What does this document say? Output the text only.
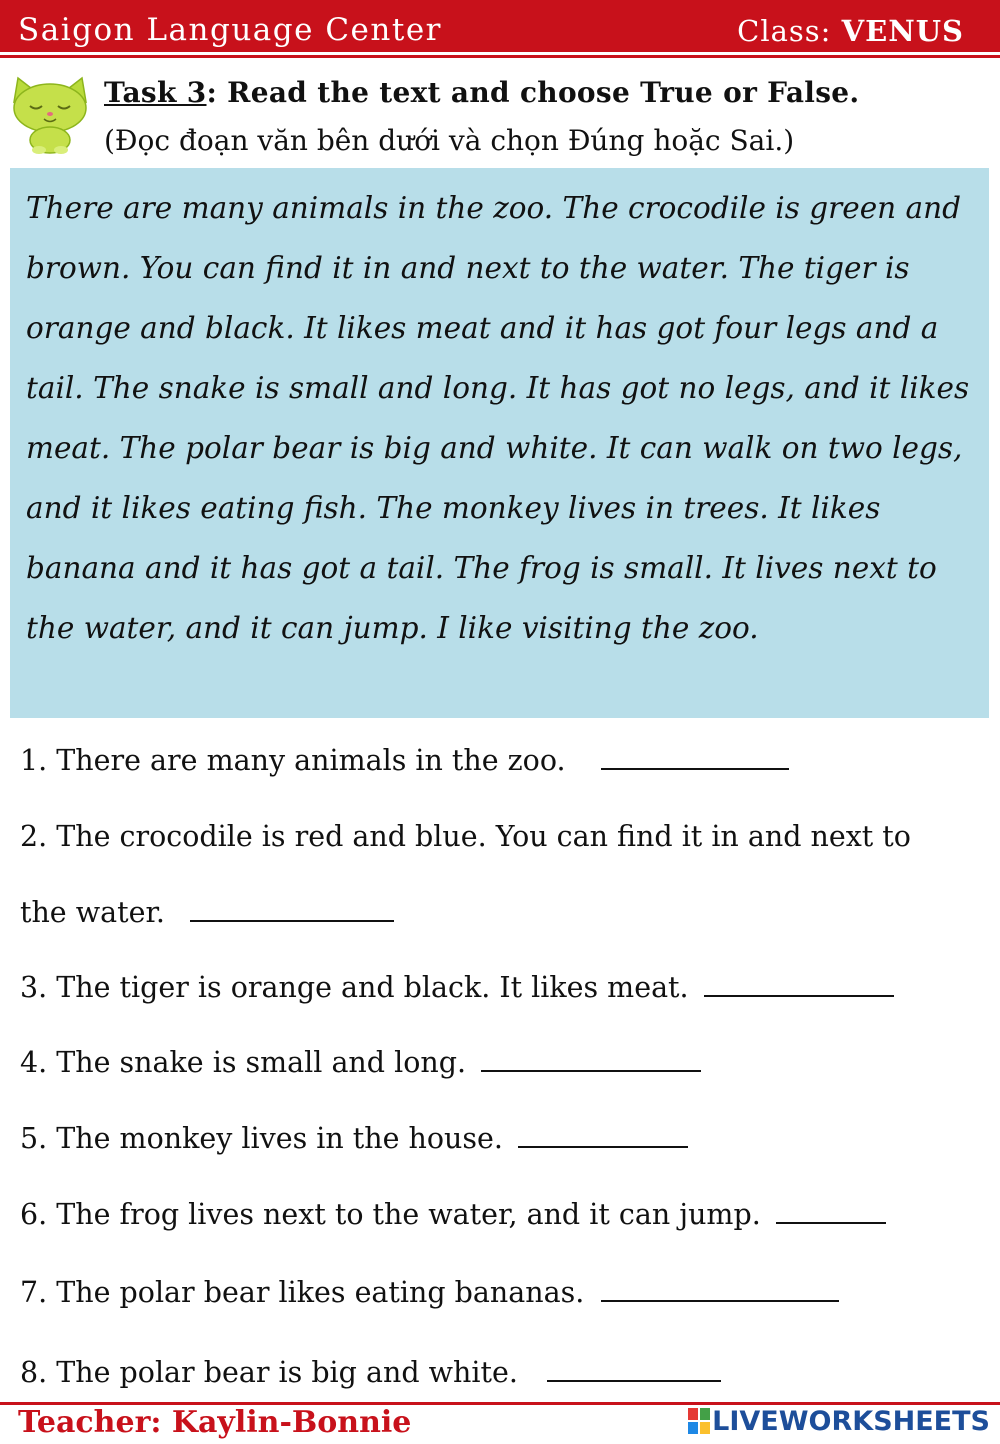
Saigon Language Center	Class: VENUS
Task 3: Read the text and choose True or False.
(Đọc đoạn văn bên dưới và chọn Đúng hoặc Sai.)

There are many animals in the zoo. The crocodile is green and brown. You can find it in and next to the water. The tiger is orange and black. It likes meat and it has got four legs and a tail. The snake is small and long. It has got no legs, and it likes meat. The polar bear is big and white. It can walk on two legs, and it likes eating fish. The monkey lives in trees. It likes banana and it has got a tail. The frog is small. It lives next to the water, and it can jump. I like visiting the zoo.

1. There are many animals in the zoo.
2. The crocodile is red and blue. You can find it in and next to
the water.
3. The tiger is orange and black. It likes meat.
4. The snake is small and long.
5. The monkey lives in the house.
6. The frog lives next to the water, and it can jump.
7. The polar bear likes eating bananas.
8. The polar bear is big and white.
Teacher: Kaylin-Bonnie	LIVEWORKSHEETS
